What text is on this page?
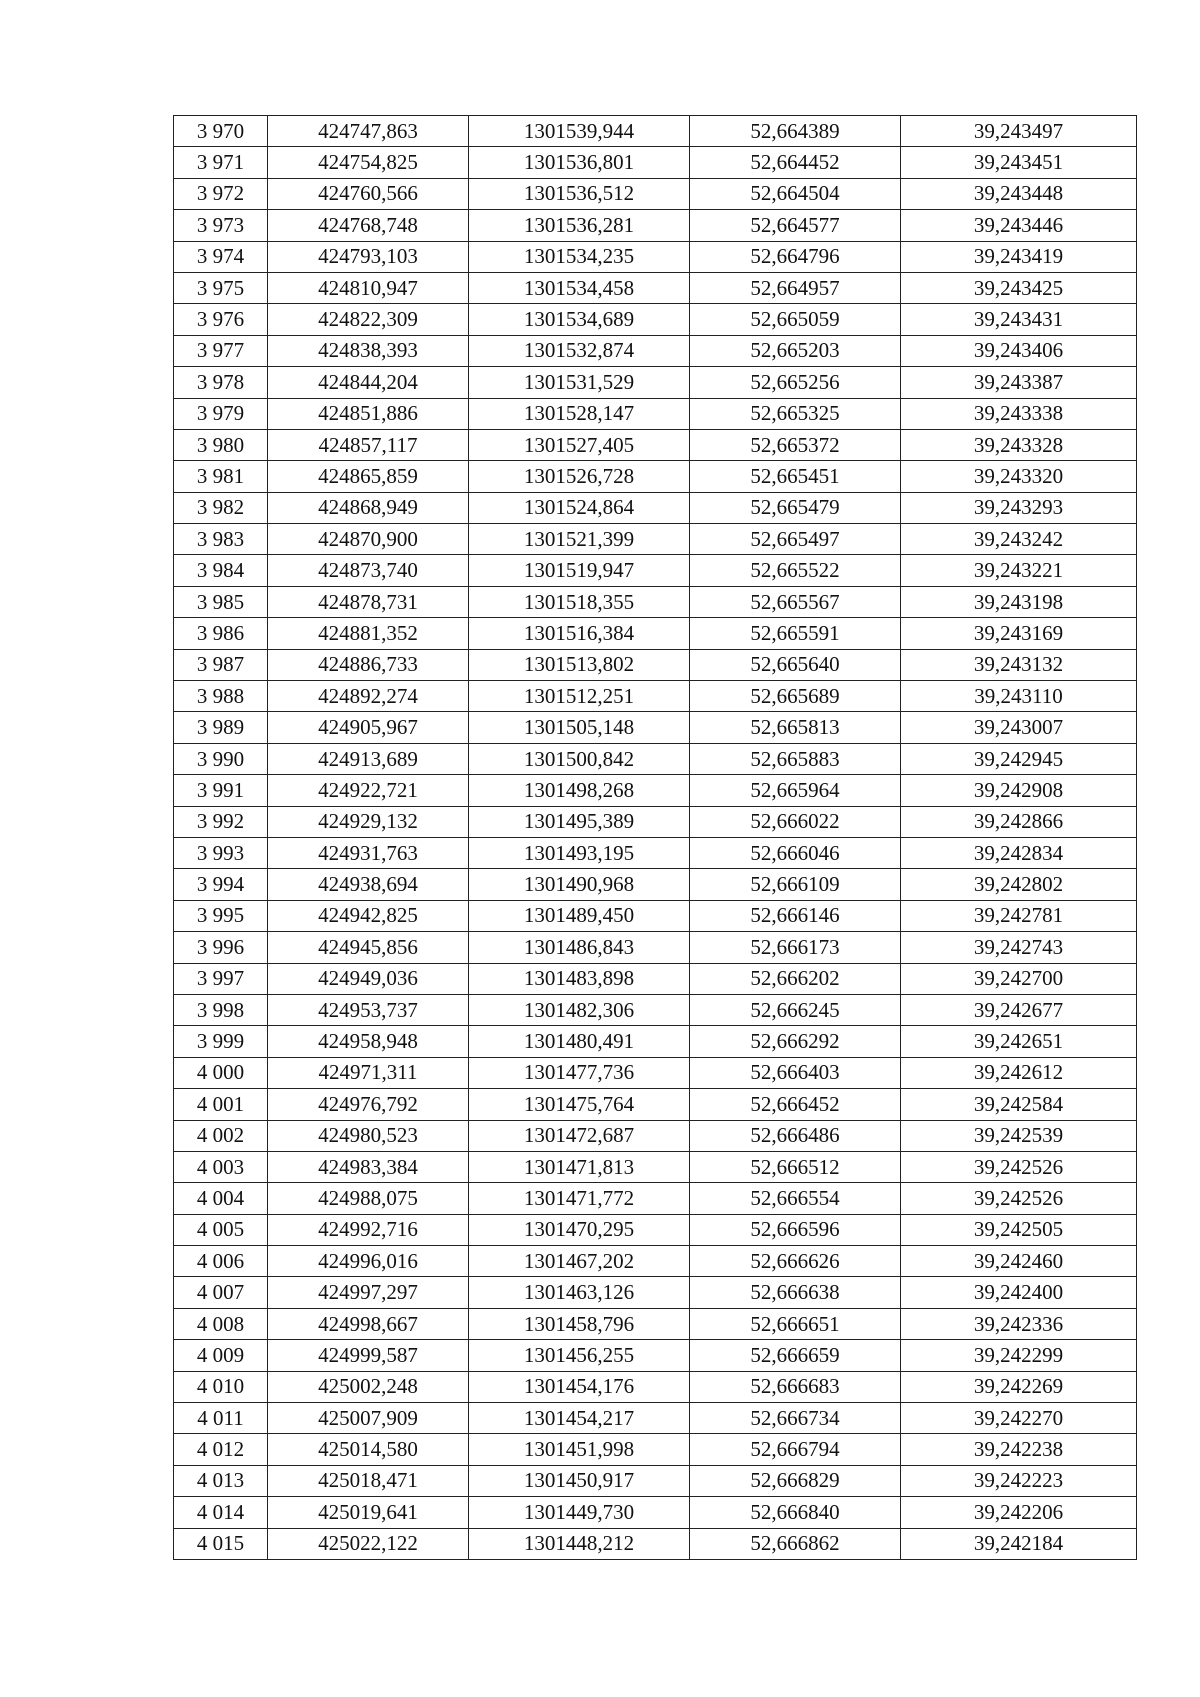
3 970	424747,863	1301539,944	52,664389	39,243497
3 971	424754,825	1301536,801	52,664452	39,243451
3 972	424760,566	1301536,512	52,664504	39,243448
3 973	424768,748	1301536,281	52,664577	39,243446
3 974	424793,103	1301534,235	52,664796	39,243419
3 975	424810,947	1301534,458	52,664957	39,243425
3 976	424822,309	1301534,689	52,665059	39,243431
3 977	424838,393	1301532,874	52,665203	39,243406
3 978	424844,204	1301531,529	52,665256	39,243387
3 979	424851,886	1301528,147	52,665325	39,243338
3 980	424857,117	1301527,405	52,665372	39,243328
3 981	424865,859	1301526,728	52,665451	39,243320
3 982	424868,949	1301524,864	52,665479	39,243293
3 983	424870,900	1301521,399	52,665497	39,243242
3 984	424873,740	1301519,947	52,665522	39,243221
3 985	424878,731	1301518,355	52,665567	39,243198
3 986	424881,352	1301516,384	52,665591	39,243169
3 987	424886,733	1301513,802	52,665640	39,243132
3 988	424892,274	1301512,251	52,665689	39,243110
3 989	424905,967	1301505,148	52,665813	39,243007
3 990	424913,689	1301500,842	52,665883	39,242945
3 991	424922,721	1301498,268	52,665964	39,242908
3 992	424929,132	1301495,389	52,666022	39,242866
3 993	424931,763	1301493,195	52,666046	39,242834
3 994	424938,694	1301490,968	52,666109	39,242802
3 995	424942,825	1301489,450	52,666146	39,242781
3 996	424945,856	1301486,843	52,666173	39,242743
3 997	424949,036	1301483,898	52,666202	39,242700
3 998	424953,737	1301482,306	52,666245	39,242677
3 999	424958,948	1301480,491	52,666292	39,242651
4 000	424971,311	1301477,736	52,666403	39,242612
4 001	424976,792	1301475,764	52,666452	39,242584
4 002	424980,523	1301472,687	52,666486	39,242539
4 003	424983,384	1301471,813	52,666512	39,242526
4 004	424988,075	1301471,772	52,666554	39,242526
4 005	424992,716	1301470,295	52,666596	39,242505
4 006	424996,016	1301467,202	52,666626	39,242460
4 007	424997,297	1301463,126	52,666638	39,242400
4 008	424998,667	1301458,796	52,666651	39,242336
4 009	424999,587	1301456,255	52,666659	39,242299
4 010	425002,248	1301454,176	52,666683	39,242269
4 011	425007,909	1301454,217	52,666734	39,242270
4 012	425014,580	1301451,998	52,666794	39,242238
4 013	425018,471	1301450,917	52,666829	39,242223
4 014	425019,641	1301449,730	52,666840	39,242206
4 015	425022,122	1301448,212	52,666862	39,242184
